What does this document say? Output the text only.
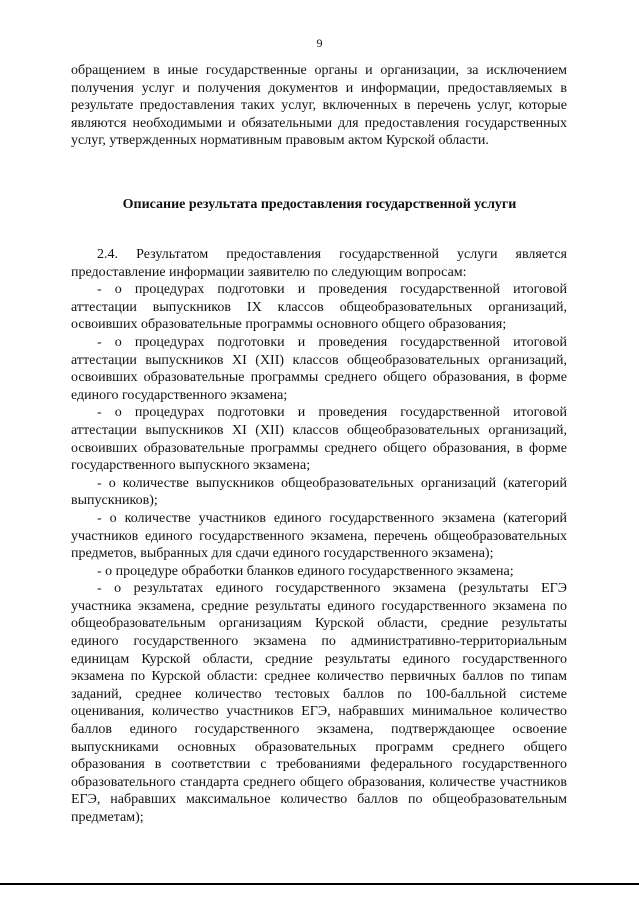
9

обращением в иные государственные органы и организации, за исключением получения услуг и получения документов и информации, предоставляемых в результате предоставления таких услуг, включенных в перечень услуг, которые являются необходимыми и обязательными для предоставления государственных услуг, утвержденных нормативным правовым актом Курской области.

Описание результата предоставления государственной услуги

2.4. Результатом предоставления государственной услуги является предоставление информации заявителю по следующим вопросам:

- о процедурах подготовки и проведения государственной итоговой аттестации выпускников IX классов общеобразовательных организаций, освоивших образовательные программы основного общего образования;

- о процедурах подготовки и проведения государственной итоговой аттестации выпускников XI (XII) классов общеобразовательных организаций, освоивших образовательные программы среднего общего образования, в форме единого государственного экзамена;

- о процедурах подготовки и проведения государственной итоговой аттестации выпускников XI (XII) классов общеобразовательных организаций, освоивших образовательные программы среднего общего образования, в форме государственного выпускного экзамена;

- о количестве выпускников общеобразовательных организаций (категорий выпускников);

- о количестве участников единого государственного экзамена (категорий участников единого государственного экзамена, перечень общеобразовательных предметов, выбранных для сдачи единого государственного экзамена);

- о процедуре обработки бланков единого государственного экзамена;

- о результатах единого государственного экзамена (результаты ЕГЭ участника экзамена, средние результаты единого государственного экзамена по общеобразовательным организациям Курской области, средние результаты единого государственного экзамена по административно-территориальным единицам Курской области, средние результаты единого государственного экзамена по Курской области: среднее количество первичных баллов по типам заданий, среднее количество тестовых баллов по 100-балльной системе оценивания, количество участников ЕГЭ, набравших минимальное количество баллов единого государственного экзамена, подтверждающее освоение выпускниками основных образовательных программ среднего общего образования в соответствии с требованиями федерального государственного образовательного стандарта среднего общего образования, количестве участников ЕГЭ, набравших максимальное количество баллов по общеобразовательным предметам);
